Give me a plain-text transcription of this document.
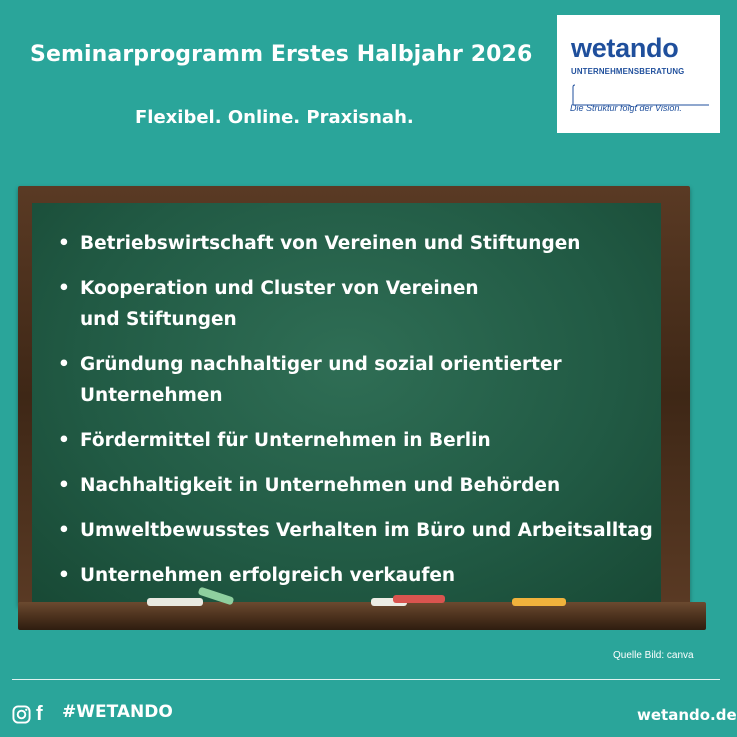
Seminarprogramm Erstes Halbjahr 2026
Flexibel. Online. Praxisnah.
wetando
UNTERNEHMENSBERATUNG
Die Struktur folgt der Vision.
• Betriebswirtschaft von Vereinen und Stiftungen
• Kooperation und Cluster von Vereinen
und Stiftungen
• Gründung nachhaltiger und sozial orientierter
Unternehmen
• Fördermittel für Unternehmen in Berlin
• Nachhaltigkeit in Unternehmen und Behörden
• Umweltbewusstes Verhalten im Büro und Arbeitsalltag
• Unternehmen erfolgreich verkaufen
Quelle Bild: canva
f #WETANDO	wetando.de
